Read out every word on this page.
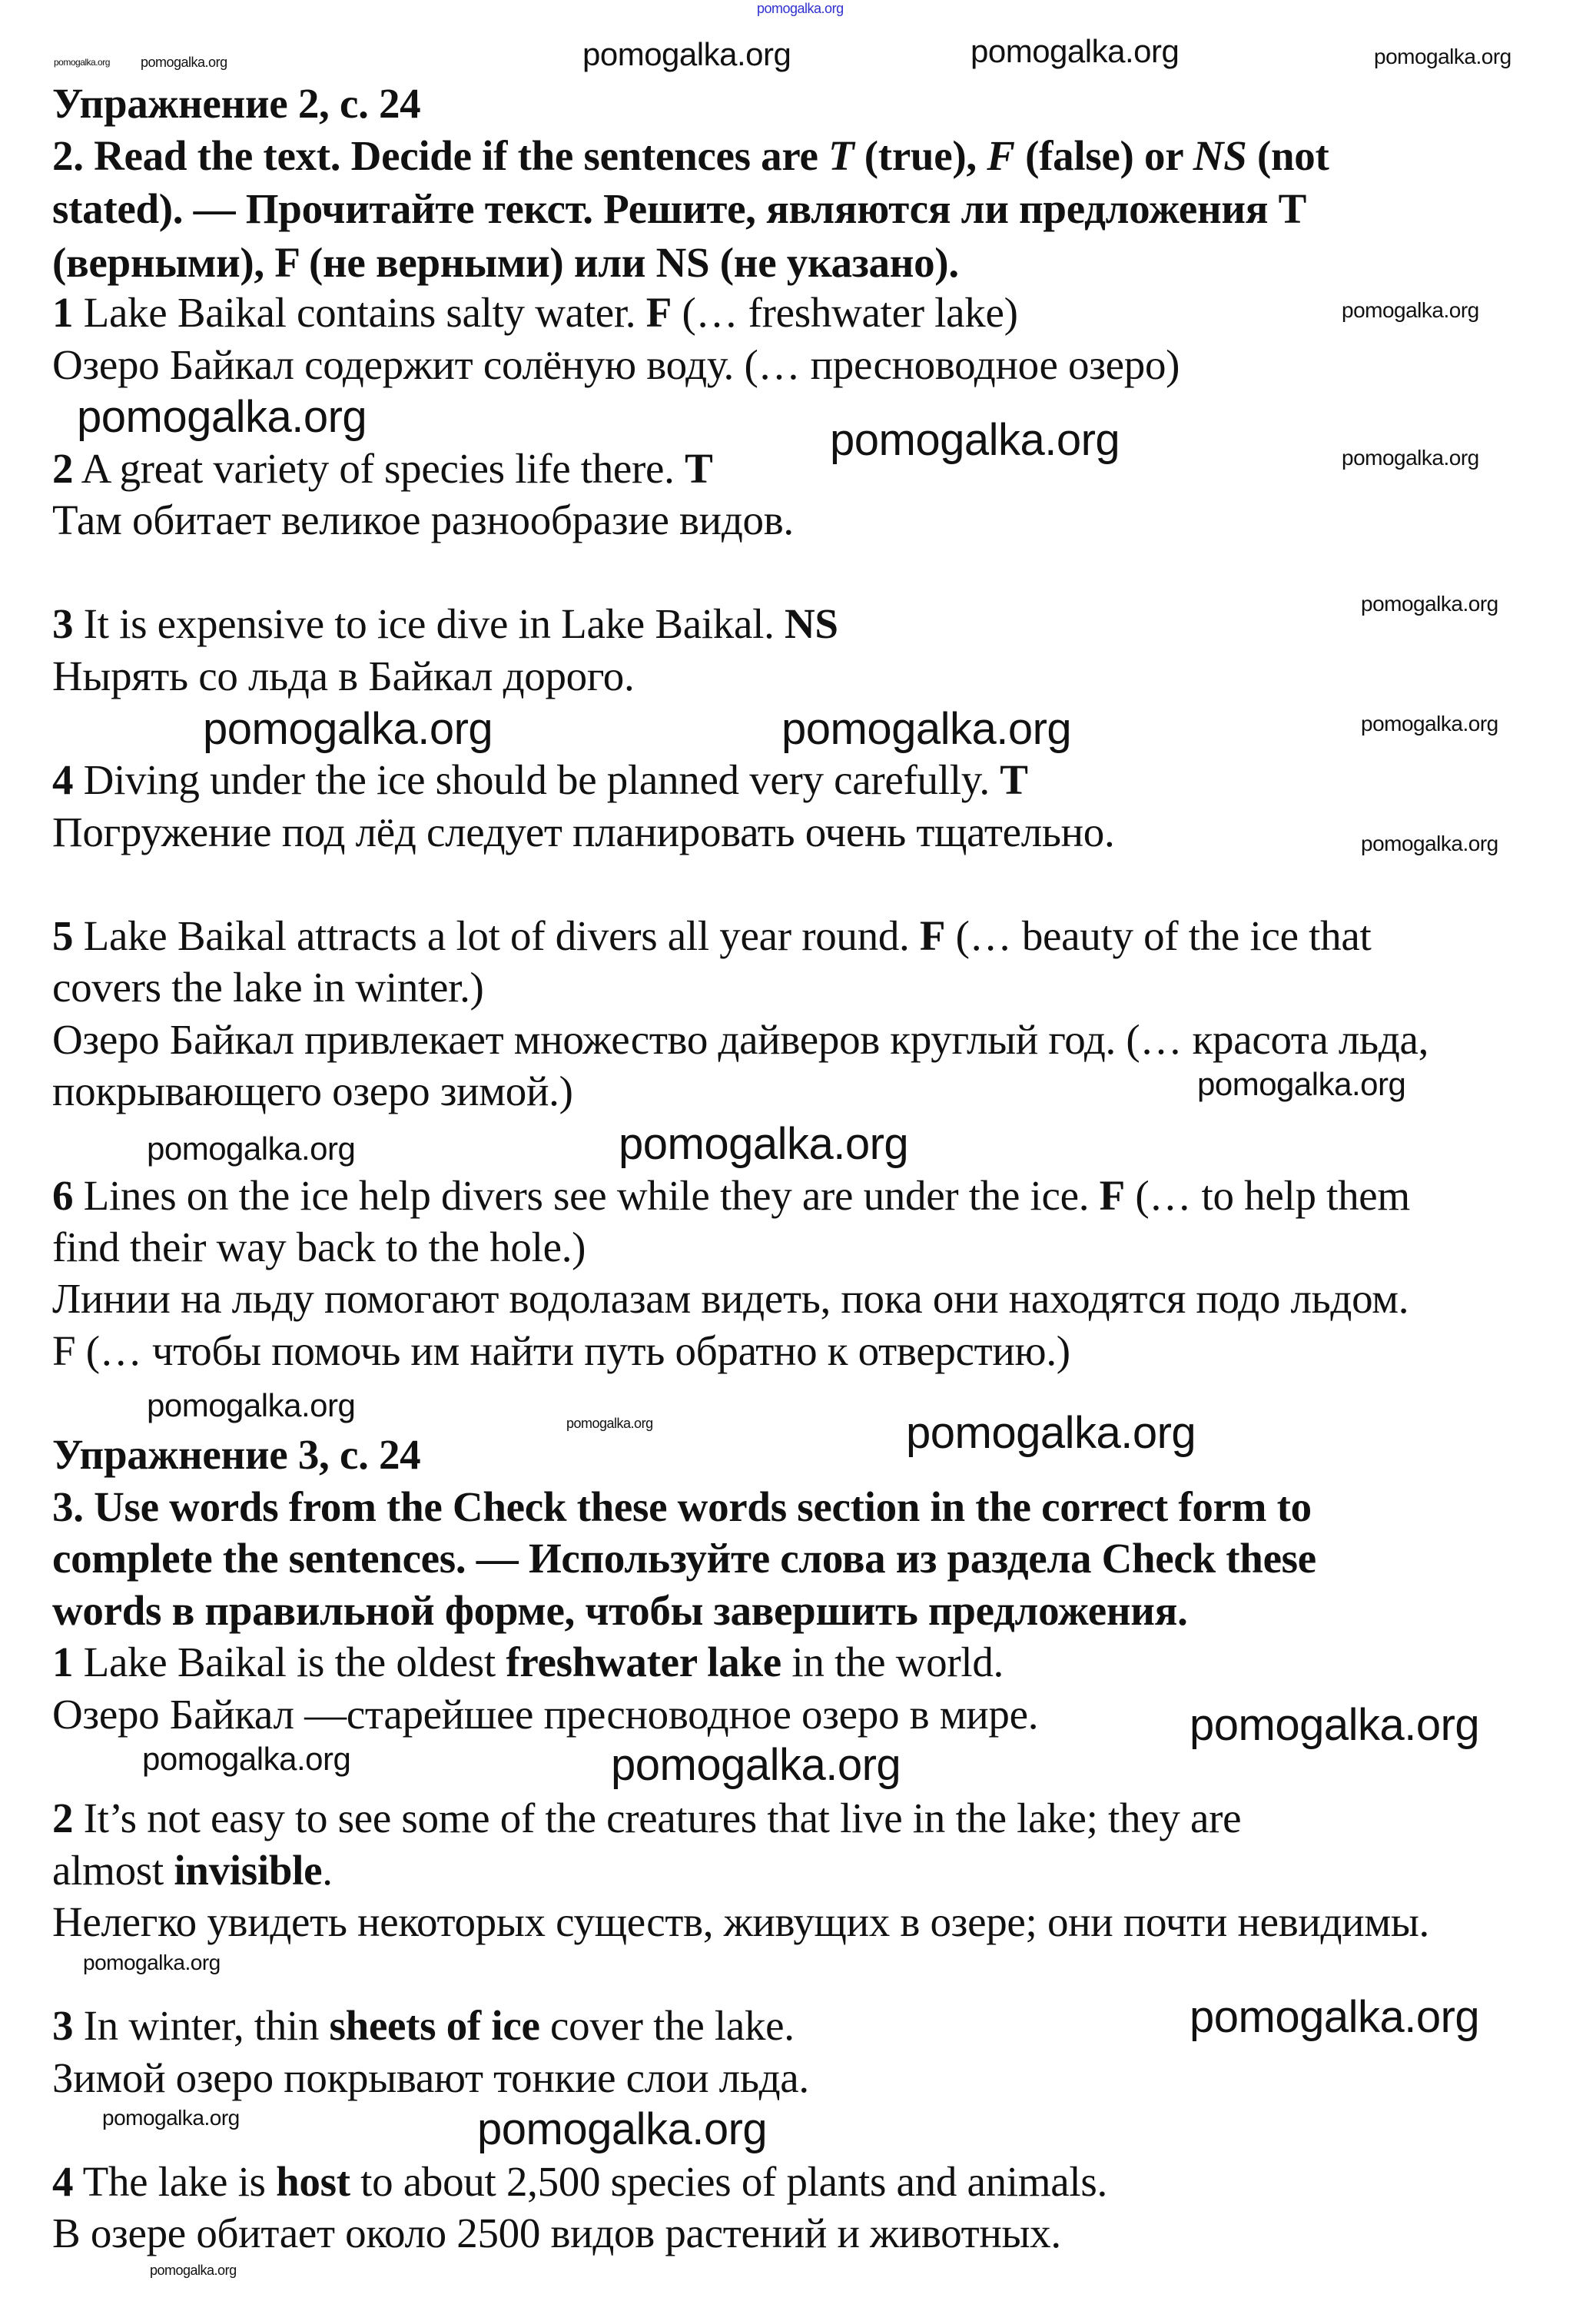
Упражнение 2, с. 24
2. Read the text. Decide if the sentences are T (true), F (false) or NS (not
stated). — Прочитайте текст. Решите, являются ли предложения T
(верными), F (не верными) или NS (не указано).
1 Lake Baikal contains salty water. F (… freshwater lake)
Озеро Байкал содержит солёную воду. (… пресноводное озеро)
2 A great variety of species life there. T
Там обитает великое разнообразие видов.
3 It is expensive to ice dive in Lake Baikal. NS
Нырять со льда в Байкал дорого.
4 Diving under the ice should be planned very carefully. T
Погружение под лёд следует планировать очень тщательно.
5 Lake Baikal attracts a lot of divers all year round. F (… beauty of the ice that
covers the lake in winter.)
Озеро Байкал привлекает множество дайверов круглый год. (… красота льда,
покрывающего озеро зимой.)
6 Lines on the ice help divers see while they are under the ice. F (… to help them
find their way back to the hole.)
Линии на льду помогают водолазам видеть, пока они находятся подо льдом.
F (… чтобы помочь им найти путь обратно к отверстию.)
Упражнение 3, с. 24
3. Use words from the Check these words section in the correct form to
complete the sentences. — Используйте слова из раздела Check these
words в правильной форме, чтобы завершить предложения.
1 Lake Baikal is the oldest freshwater lake in the world.
Озеро Байкал —старейшее пресноводное озеро в мире.
2 It’s not easy to see some of the creatures that live in the lake; they are
almost invisible.
Нелегко увидеть некоторых существ, живущих в озере; они почти невидимы.
3 In winter, thin sheets of ice cover the lake.
Зимой озеро покрывают тонкие слои льда.
4 The lake is host to about 2,500 species of plants and animals.
В озере обитает около 2500 видов растений и животных.
pomogalka.org
pomogalka.org	pomogalka.org	pomogalka.org
pomogalka.org pomogalka.org
pomogalka.org
pomogalka.org	pomogalka.org	pomogalka.org
pomogalka.org
pomogalka.org	pomogalka.org	pomogalka.org
pomogalka.org
pomogalka.org
pomogalka.org	pomogalka.org
pomogalka.org	pomogalka.org	pomogalka.org
pomogalka.org
pomogalka.org	pomogalka.org
pomogalka.org
pomogalka.org
pomogalka.org	pomogalka.org
pomogalka.org
